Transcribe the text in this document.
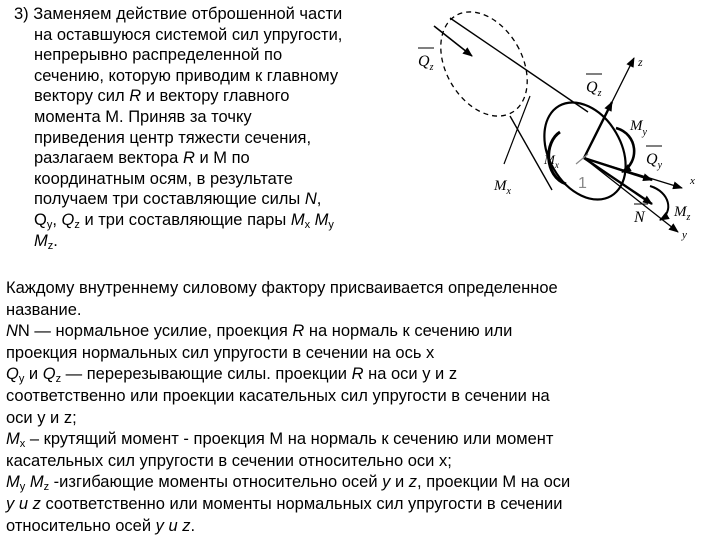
3) Заменяем действие отброшенной части
на оставшуюся системой сил упругости,
непрерывно распределенной по
сечению, которую приводим к главному
вектору сил R и вектору главного
момента М. Приняв за точку
приведения центр тяжести сечения,
разлагаем вектора R и М по
координатным осям, в результате
получаем три составляющие силы N,
$Q_y$, $Q_z$ и три составляющие пары $M_x$ $M_y$
$M_z$.
$Q_z$
$Q_z$
z
$M_y$
$Q_y$
$M_x$
$M_x$
1
N $M_z$
x
y
Каждому внутреннему силовому фактору присваивается определенное
название.
NN — нормальное усилие, проекция R на нормаль к сечению или
проекция нормальных сил упругости в сечении на ось x
$Q_y$ и $Q_z$ — перерезывающие силы. проекции R на оси y и z
соответственно или проекции касательных сил упругости в сечении на
оси y и z;
$M_x$ – крутящий момент - проекция М на нормаль к сечению или момент
касательных сил упругости в сечении относительно оси x;
$M_y$ $M_z$ -изгибающие моменты относительно осей y и z, проекции М на оси
y и z соответственно или моменты нормальных сил упругости в сечении
относительно осей y и z.
